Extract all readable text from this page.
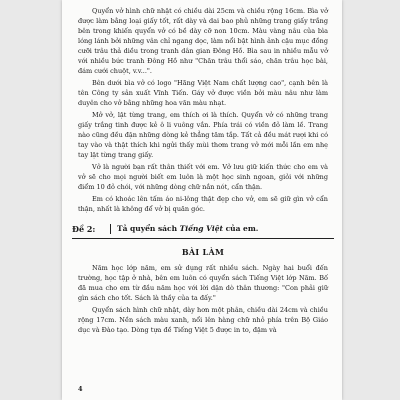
Quyển vở hình chữ nhật có chiều dài 25cm và chiều rộng 16cm. Bìa vở được làm bằng loại giấy tốt, rất dày và dai bao phủ những trang giấy trắng bên trong khiến quyển vở có bề dày cỡ non 10cm. Màu vàng nâu của bìa lóng lánh bởi những vân chỉ ngang dọc, làm nổi bật hình ảnh cậu mục đồng cưỡi trâu thả diều trong tranh dân gian Đông Hồ. Bìa sau in nhiều mẫu vở với nhiều bức tranh Đông Hồ như "Chăn trâu thổi sáo, chăn trâu học bài, đám cưới chuột, v.v...".

Bên dưới bìa vở có logo "Hãng Việt Nam chất lượng cao", cạnh bên là tên Công ty sản xuất Vĩnh Tiến. Gáy vở được viền bởi màu nâu như làm duyên cho vở bằng những hoa văn màu nhạt.

Mở vở, lật từng trang, em thích ơi là thích. Quyển vở có những trang giấy trắng tinh được kẻ ô li vuông vắn. Phía trái có viền đỏ làm lề. Trang nào cũng đều đặn những dòng kẻ thẳng tăm tắp. Tất cả đều mát rượi khi có tay vào và thật thích khi ngửi thấy mùi thơm trang vở mới mỗi lần em nhẹ tay lật từng trang giấy.

Vở là người bạn rất thân thiết với em. Vở lưu giữ kiến thức cho em và vở sẽ cho mọi người biết em luôn là một học sinh ngoan, giỏi với những điểm 10 đỏ chói, với những dòng chữ nắn nót, cẩn thận.

Em có khoác lên tấm áo ni-lông thật đẹp cho vở, em sẽ giữ gìn vở cẩn thận, nhất là không để vở bị quăn góc.

Đề 2:	Tả quyển sách Tiếng Việt của em.
BÀI LÀM

Năm học lớp năm, em sử dụng rất nhiều sách. Ngày hai buổi đến trường, học tập ở nhà, bên em luôn có quyển sách Tiếng Việt lớp Năm. Bố đã mua cho em từ đầu năm học với lời dặn dò thân thương: "Con phải giữ gìn sách cho tốt. Sách là thầy của ta đấy."

Quyển sách hình chữ nhật, dày hơn một phân, chiều dài 24cm và chiều rộng 17cm. Nền sách màu xanh, nổi lên hàng chữ nhỏ phía trên Bộ Giáo dục và Đào tạo. Dòng tựa đề Tiếng Việt 5 được in to, đậm và

4
